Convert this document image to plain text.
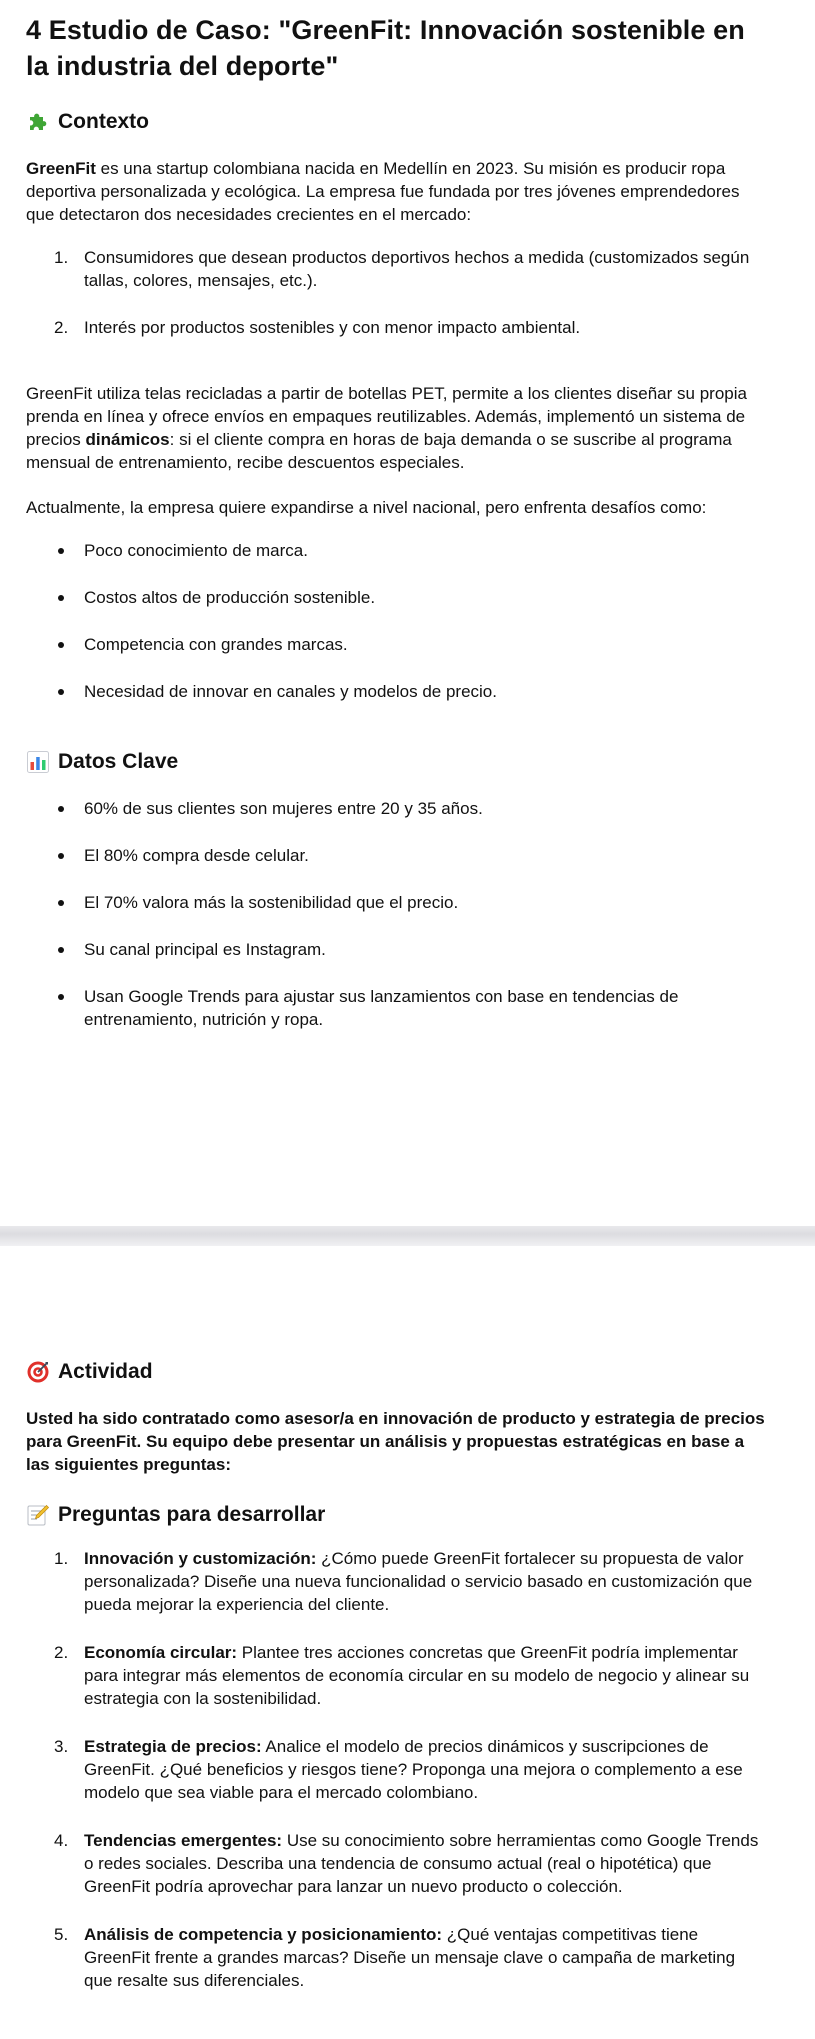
4 Estudio de Caso: "GreenFit: Innovación sostenible en la industria del deporte"
Contexto

GreenFit es una startup colombiana nacida en Medellín en 2023. Su misión es producir ropa deportiva personalizada y ecológica. La empresa fue fundada por tres jóvenes emprendedores que detectaron dos necesidades crecientes en el mercado:

1. Consumidores que desean productos deportivos hechos a medida (customizados según tallas, colores, mensajes, etc.).
2. Interés por productos sostenibles y con menor impacto ambiental.

GreenFit utiliza telas recicladas a partir de botellas PET, permite a los clientes diseñar su propia prenda en línea y ofrece envíos en empaques reutilizables. Además, implementó un sistema de precios dinámicos: si el cliente compra en horas de baja demanda o se suscribe al programa mensual de entrenamiento, recibe descuentos especiales.

Actualmente, la empresa quiere expandirse a nivel nacional, pero enfrenta desafíos como:

Poco conocimiento de marca.
Costos altos de producción sostenible.
Competencia con grandes marcas.
Necesidad de innovar en canales y modelos de precio.
Datos Clave
60% de sus clientes son mujeres entre 20 y 35 años.
El 80% compra desde celular.
El 70% valora más la sostenibilidad que el precio.
Su canal principal es Instagram.
Usan Google Trends para ajustar sus lanzamientos con base en tendencias de entrenamiento, nutrición y ropa.
Actividad

Usted ha sido contratado como asesor/a en innovación de producto y estrategia de precios para GreenFit. Su equipo debe presentar un análisis y propuestas estratégicas en base a las siguientes preguntas:

Preguntas para desarrollar
1. Innovación y customización: ¿Cómo puede GreenFit fortalecer su propuesta de valor personalizada? Diseñe una nueva funcionalidad o servicio basado en customización que pueda mejorar la experiencia del cliente.
2. Economía circular: Plantee tres acciones concretas que GreenFit podría implementar para integrar más elementos de economía circular en su modelo de negocio y alinear su estrategia con la sostenibilidad.
3. Estrategia de precios: Analice el modelo de precios dinámicos y suscripciones de GreenFit. ¿Qué beneficios y riesgos tiene? Proponga una mejora o complemento a ese modelo que sea viable para el mercado colombiano.
4. Tendencias emergentes: Use su conocimiento sobre herramientas como Google Trends o redes sociales. Describa una tendencia de consumo actual (real o hipotética) que GreenFit podría aprovechar para lanzar un nuevo producto o colección.
5. Análisis de competencia y posicionamiento: ¿Qué ventajas competitivas tiene GreenFit frente a grandes marcas? Diseñe un mensaje clave o campaña de marketing que resalte sus diferenciales.
